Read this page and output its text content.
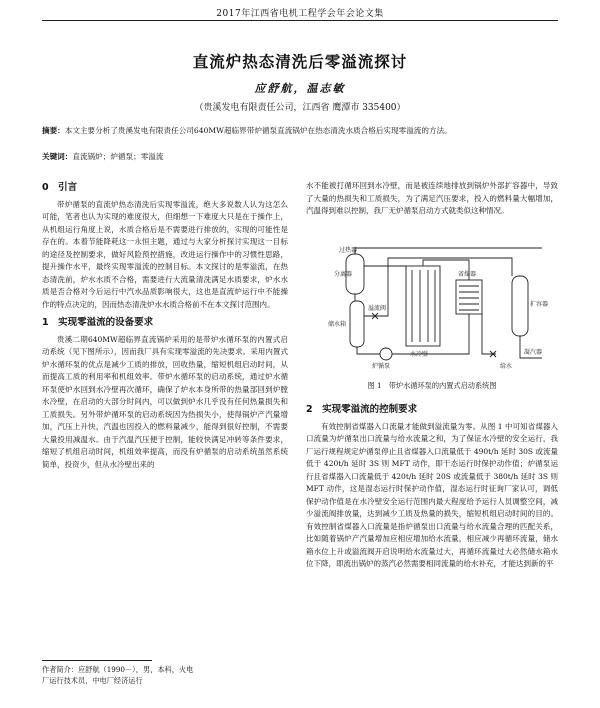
2017年江西省电机工程学会年会论文集
直流炉热态清洗后零溢流探讨
应舒航，温志敏
（贵溪发电有限责任公司，江西省 鹰潭市 335400）
摘要：本文主要分析了贵溪发电有限责任公司640MW超临界带炉循泵直流锅炉在热态清洗水质合格后实现零溢流的方法。
关键词：直流锅炉；炉循泵；零溢流
0　引言

带炉循泵的直流炉热态清洗后实现零溢流，绝大多说数人认为这怎么可能，笔者也认为实现的难度很大，但细想一下难度大只是在于操作上，从机组运行角度上说，水质合格后是不需要进行排放的，实现的可能性是存在的。本着节能降耗这一永恒主题，通过与大家分析探讨实现这一目标的途径及控制要求，做好风险预控措施，改进运行操作中的习惯性思路，提升操作水平，最终实现零溢流的控制目标。本文探讨的是零溢流，在热态清洗前，炉水水质不合格，需要进行大流量清洗满足水质要求，炉水水质是否合格对今后运行中汽水品质影响很大，这也是直流炉运行中不能操作的特点决定的，因而热态清洗炉水水质合格前不在本文探讨范围内。

1　实现零溢流的设备要求

贵溪二期640MW超临界直流锅炉采用的是带炉水循环泵的内置式启动系统（见下图所示），因而我厂具有实现零溢流的先决要求。采用内置式炉水循环泵的优点是减少工质的排放，回收热量，缩短机组启动时间，从而提高工质的利用率和机组效率。带炉水循环泵的启动系统，通过炉水循环泵使炉水回到水冷壁再次循环，确保了炉水本身所带的热量部回到炉膛水冷壁，在启动的大部分时间内，可以做到炉水几乎没有任何热量损失和工质损失。另外带炉循环泵的启动系统因为热损失小，使得锅炉产汽量增加，汽压上升快，汽温也因投入的燃料量减少，能得到很好控制，不需要大量投用减温水。由于汽温汽压便于控制，能较快满足冲转等条件要求，缩短了机组启动时间，机组效率提高，而没有炉循泵的启动系统虽然系统简单，投资少，但从水冷壁出来的

水不能被打循环回到水冷壁，而是被连续地排放到锅炉外部扩容器中，导致了大量的热损失和工质损失，为了满足汽压要求，投入的燃料量大幅增加，汽温得到难以控制，我厂无炉循泵启动方式就类似这种情况。

过热器
分离器
储水箱
溢流阀
水冷壁
省煤器
炉循泵	给水
扩容器
凝汽器
图 1　带炉水循环泵的内置式启动系统图
2　实现零溢流的控制要求

有效控制省煤器入口流量才能做到溢流量为零。从图 1 中可知省煤器入口流量为炉循泵出口流量与给水流量之和，为了保证水冷壁的安全运行，我厂运行规程规定炉循泵停止且省煤器入口流量低于 490t/h 延时 30S 或流量低于 420t/h 延时 3S 则 MFT 动作，即干态运行时保护动作值；炉循泵运行且省煤器入口流量低于 420t/h 延时 20S 或流量低于 380t/h 延时 3S 则 MFT 动作，这是湿态运行时保护动作值，湿态运行时征询厂家认可，调低保护动作值是在水冷壁安全运行范围内最大程度给予运行人员调整空间，减少溢流阀排放量，达到减少工质及热量的损失，缩短机组启动时间的目的。有效控制省煤器入口流量是指炉循泵出口流量与给水流量合理的匹配关系，比如随着锅炉产汽量增加应相应增加给水流量，相应减少再循环流量，储水箱水位上升或溢流阀开启说明给水流量过大，再循环流量过大必然储水箱水位下降，即流出锅炉的蒸汽必然需要相同流量的给水补充，才能达到新的平

作者简介：应舒航（1990－），男，本科，火电
厂运行技术员，中电厂经济运行
